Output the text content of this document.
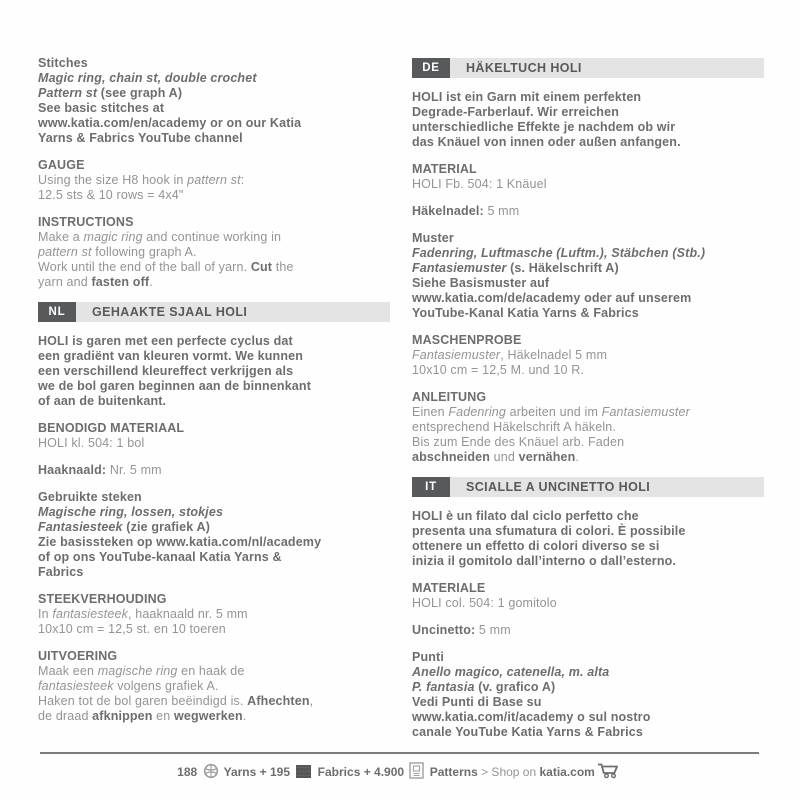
Stitches
Magic ring, chain st, double crochet
Pattern st (see graph A)
See basic stitches at
www.katia.com/en/academy or on our Katia
Yarns & Fabrics YouTube channel
GAUGE
Using the size H8 hook in pattern st:
12.5 sts & 10 rows = 4x4"
INSTRUCTIONS
Make a magic ring and continue working in
pattern st following graph A.
Work until the end of the ball of yarn. Cut the
yarn and fasten off.
NL	GEHAAKTE SJAAL HOLI
HOLI is garen met een perfecte cyclus dat
een gradiënt van kleuren vormt. We kunnen
een verschillend kleureffect verkrijgen als
we de bol garen beginnen aan de binnenkant
of aan de buitenkant.
BENODIGD MATERIAAL
HOLI kl. 504: 1 bol
Haaknaald: Nr. 5 mm
Gebruikte steken
Magische ring, lossen, stokjes
Fantasiesteek (zie grafiek A)
Zie basissteken op www.katia.com/nl/academy
of op ons YouTube-kanaal Katia Yarns &
Fabrics
STEEKVERHOUDING
In fantasiesteek, haaknaald nr. 5 mm
10x10 cm = 12,5 st. en 10 toeren
UITVOERING
Maak een magische ring en haak de
fantasiesteek volgens grafiek A.
Haken tot de bol garen beëindigd is. Afhechten,
de draad afknippen en wegwerken.
DE	HÄKELTUCH HOLI
HOLI ist ein Garn mit einem perfekten
Degrade-Farberlauf. Wir erreichen
unterschiedliche Effekte je nachdem ob wir
das Knäuel von innen oder außen anfangen.
MATERIAL
HOLI Fb. 504: 1 Knäuel
Häkelnadel: 5 mm
Muster
Fadenring, Luftmasche (Luftm.), Stäbchen (Stb.)
Fantasiemuster (s. Häkelschrift A)
Siehe Basismuster auf
www.katia.com/de/academy oder auf unserem
YouTube-Kanal Katia Yarns & Fabrics
MASCHENPROBE
Fantasiemuster, Häkelnadel 5 mm
10x10 cm = 12,5 M. und 10 R.
ANLEITUNG
Einen Fadenring arbeiten und im Fantasiemuster
entsprechend Häkelschrift A häkeln.
Bis zum Ende des Knäuel arb. Faden
abschneiden und vernähen.
IT	SCIALLE A UNCINETTO HOLI
HOLI è un filato dal ciclo perfetto che
presenta una sfumatura di colori. È possibile
ottenere un effetto di colori diverso se si
inizia il gomitolo dall’interno o dall’esterno.
MATERIALE
HOLI col. 504: 1 gomitolo
Uncinetto: 5 mm
Punti
Anello magico, catenella, m. alta
P. fantasia (v. grafico A)
Vedi Punti di Base su
www.katia.com/it/academy o sul nostro
canale YouTube Katia Yarns & Fabrics
188
Yarns + 195
Fabrics + 4.900
Patterns > Shop on katia.com
